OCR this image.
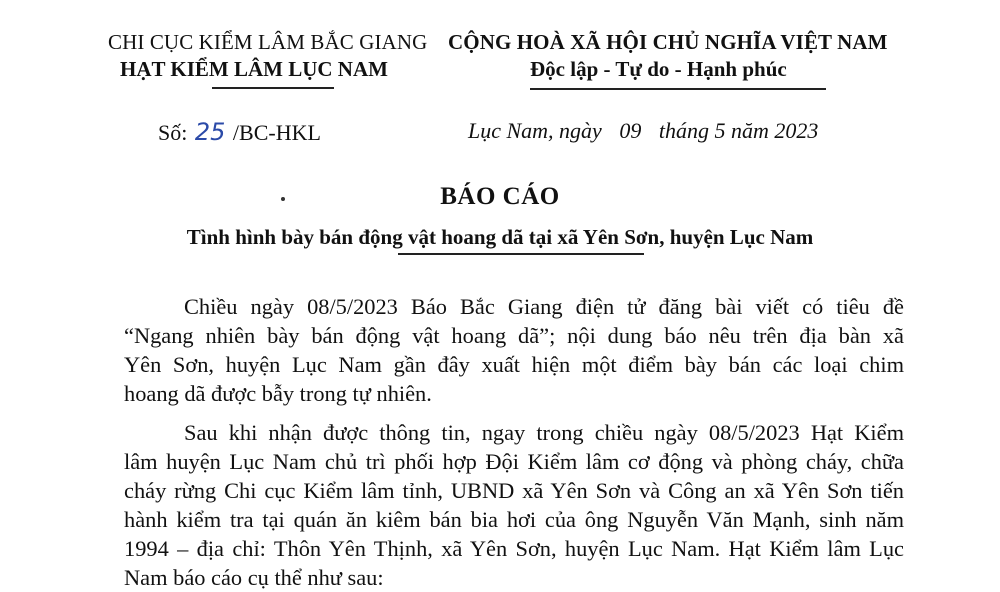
CHI CỤC KIỂM LÂM BẮC GIANG
HẠT KIỂM LÂM LỤC NAM
CỘNG HOÀ XÃ HỘI CHỦ NGHĨA VIỆT NAM
Độc lập - Tự do - Hạnh phúc
Số: 25 /BC-HKL	Lục Nam, ngày 09 tháng 5 năm 2023
BÁO CÁO
Tình hình bày bán động vật hoang dã tại xã Yên Sơn, huyện Lục Nam
Chiều ngày 08/5/2023 Báo Bắc Giang điện tử đăng bài viết có tiêu đề
“Ngang nhiên bày bán động vật hoang dã”; nội dung báo nêu trên địa bàn xã
Yên Sơn, huyện Lục Nam gần đây xuất hiện một điểm bày bán các loại chim
hoang dã được bẫy trong tự nhiên.
Sau khi nhận được thông tin, ngay trong chiều ngày 08/5/2023 Hạt Kiểm
lâm huyện Lục Nam chủ trì phối hợp Đội Kiểm lâm cơ động và phòng cháy, chữa
cháy rừng Chi cục Kiểm lâm tỉnh, UBND xã Yên Sơn và Công an xã Yên Sơn tiến
hành kiểm tra tại quán ăn kiêm bán bia hơi của ông Nguyễn Văn Mạnh, sinh năm
1994 – địa chỉ: Thôn Yên Thịnh, xã Yên Sơn, huyện Lục Nam. Hạt Kiểm lâm Lục
Nam báo cáo cụ thể như sau:
